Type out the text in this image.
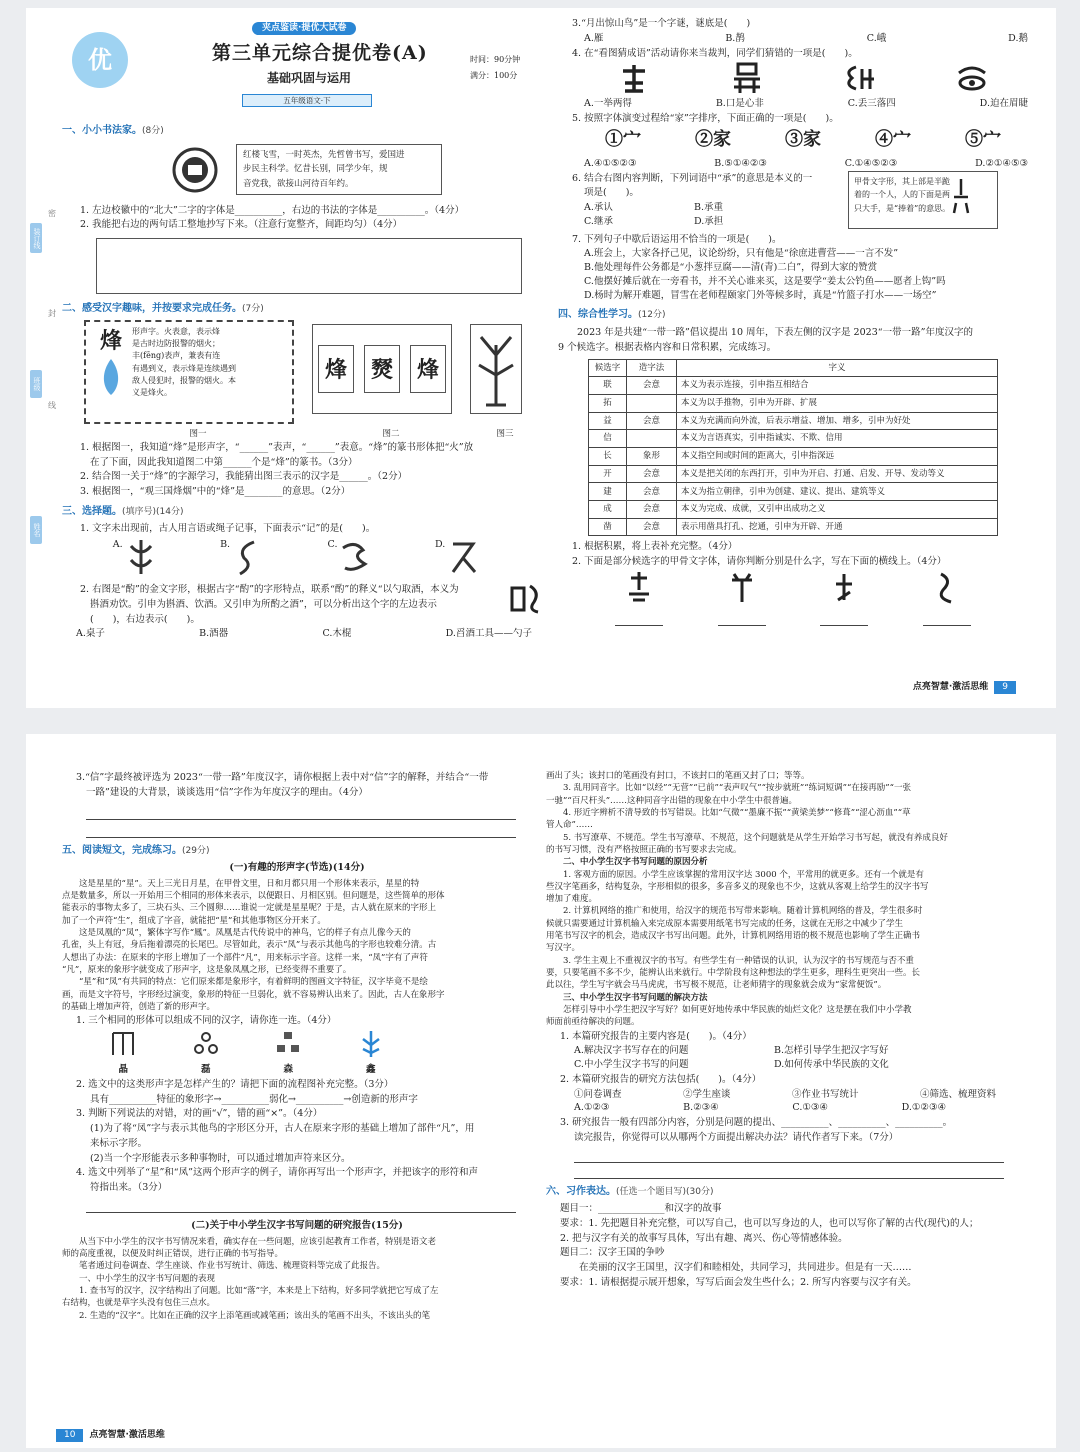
装订线
班级
姓名
密
封
线
优
夹点鉴读·提优大试卷
第三单元综合提优卷(A)
基础巩固与运用
时间：90分钟
满分：100分
五年级语文·下
一、小小书法家。(8分)
红楼飞雪，一时英杰，先哲曾书写，爱国进
步民主科学。忆昔长别，同学少年，规
音党我，欲接山河待百年约。
1. 左边校徽中的“北大”二字的字体是__________，右边的书法的字体是__________。（4分）
2. 我能把右边的两句话工整地抄写下来。（注意行宽整齐，间距均匀）（4分）
二、感受汉字趣味，并按要求完成任务。(7分)
烽	形声字。火表意，表示烽
是古时边防报警的烟火；
丰(fēng)表声，兼表有连
有遇到义，表示烽是连续遇到
敌人侵犯时，报警的烟火。本
义是烽火。
烽	燹	烽
图一	图二	图三
1. 根据图一，我知道“烽”是形声字，“______”表声，“______”表意。“烽”的篆书形体把“火”放
在了下面，因此我知道图二中第______个是“烽”的篆书。（3分）
2. 结合图一关于“烽”的字源学习，我能猜出图三表示的汉字是______。（2分）
3. 根据图一，“观三国烽烟”中的“烽”是________的意思。（2分）
三、选择题。(填序号)(14分)
1. 文字未出现前，古人用言语或绳子记事，下面表示“记”的是(　　)。
A.	B.	C.	D.
2. 右图是“酌”的金文字形，根据古字“酌”的字形特点，联系“酌”的释义“以勺取酒，本义为
斟酒劝饮。引申为斟酒、饮酒。又引申为所酌之酒”，可以分析出这个字的左边表示
(　　)，右边表示(　　)。
A.桌子	B.酒器	C.木棍	D.舀酒工具——勺子
3.“月出惊山鸟”是一个字谜，谜底是(　　)
A.雁	B.鹊	C.峨	D.鹅
4. 在“看图猜成语”活动请你来当裁判，同学们猜错的一项是(　　)。
A.一举两得	B.口是心非	C.丢三落四	D.迫在眉睫
5. 按照字体演变过程给“家”字排序，下面正确的一项是(　　)。
①宀	②家	③家	④宀	⑤宀
A.④①⑤②③	B.⑤①④②③	C.①④⑤②③	D.②①④⑤③
6. 结合右图内容判断，下列词语中“承”的意思是本义的一
项是(　　)。
A.承认	B.承重
C.继承	D.承担
甲骨文字形，其上部是半跪
着的一个人，人的下面是两
只大手，是“捧着”的意思。
7. 下列句子中歇后语运用不恰当的一项是(　　)。
A.班会上，大家各抒己见，议论纷纷，只有他是“徐庶进曹营——一言不发”
B.他处理每件公务都是“小葱拌豆腐——清(青)二白”，得到大家的赞赏
C.他摆好摊后就在一旁看书，并不关心谁来买，这是要学“姜太公钓鱼——愿者上钩”吗
D.杨时为解开难题，冒雪在老师程颐家门外等候多时，真是“竹篮子打水——一场空”
四、综合性学习。(12分)
2023 年是共建“一带一路”倡议提出 10 周年，下表左侧的汉字是 2023“一带一路”年度汉字的
9 个候选字。根据表格内容和日常积累，完成练习。
候选字	造字法	字义
联	会意	本义为表示连接，引申指互相结合
拓		本义为以手推物，引申为开辟、扩展
益	会意	本义为充满而向外流，后表示增益、增加、增多，引申为好处
信		本义为言语真实，引申指诚实、不欺、信用
长	象形	本义指空间或时间的距离大，引申指深远
开	会意	本义是把关闭的东西打开，引申为开启、打通、启发、开导、发动等义
建	会意	本义为指立朝律，引申为创建、建议、提出、建筑等义
成	会意	本义为完成、成就，又引申出成功之义
凿	会意	表示用凿具打孔、挖通，引申为开辟、开通
1. 根据积累，将上表补充完整。（4分）
2. 下面是部分候选字的甲骨文字体，请你判断分别是什么字，写在下面的横线上。（4分）
点亮智慧·激活思维 9
3.“信”字最终被评选为 2023“一带一路”年度汉字，请你根据上表中对“信”字的解释，并结合“一带
一路”建设的大背景，谈谈选用“信”字作为年度汉字的理由。（4分）
五、阅读短文，完成练习。(29分)
(一)有趣的形声字(节选)(14分)
这是星星的“星”。天上三光日月星，在甲骨文里，日和月都只用一个形体来表示，星星的特
点是数量多，所以一开始用三个相同的形体来表示，以便跟日、月相区别。但问题是，这些简单的形体
能表示的事物太多了，三块石头、三个圆卵……谁说一定就是星星呢？于是，古人就在原来的字形上
加了一个声符“生”，组成了字音，就能把“星”和其他事物区分开来了。
这是凤凰的“凤”，繁体字写作“鳳”。凤凰是古代传说中的神鸟，它的样子有点儿像今天的
孔雀，头上有冠，身后拖着漂亮的长尾巴。尽管如此，表示“凤”与表示其他鸟的字形也较难分清。古
人想出了办法：在原来的字形上增加了一个部件“凡”，用来标示字音。这样一来，“凤”字有了声符
“凡”，原来的象形字就变成了形声字，这是象凤凰之形，已经变得不重要了。
“星”和“凤”有共同的特点：它们原来都是象形字，有着鲜明的图画文字特征，汉字毕竟不是绘
画，而是文字符号，字形经过演变，象形的特征一旦弱化，就不容易辨认出来了。因此，古人在象形字
的基础上增加声符，创造了新的形声字。
1. 三个相同的形体可以组成不同的汉字，请你连一连。（4分）
晶	磊	森	鑫
2. 选文中的这类形声字是怎样产生的？请把下面的流程图补充完整。（3分）
具有__________特征的象形字→__________弱化→__________→创造新的形声字
3. 判断下列说法的对错，对的画“√”，错的画“×”。（4分）
(1)为了将“凤”字与表示其他鸟的字形区分开，古人在原来字形的基础上增加了部件“凡”，用
来标示字形。
(2)当一个字形能表示多种事物时，可以通过增加声符来区分。
4. 选文中列举了“星”和“凤”这两个形声字的例子，请你再写出一个形声字，并把该字的形符和声
符指出来。（3分）
(二)关于中小学生汉字书写问题的研究报告(15分)
从当下中小学生的汉字书写情况来看，确实存在一些问题，应该引起教育工作者，特别是语文老
师的高度重视，以便及时纠正错误，进行正确的书写指导。
笔者通过问卷调查、学生座谈、作业书写统计、筛选、梳理资料等完成了此报告。
一、中小学生的汉字书写问题的表现
1. 查书写的汉字，汉字结构出了问题。比如“落”字，本来是上下结构，好多同学就把它写成了左
右结构，也就是草字头没有包住三点水。
2. 生造的“汉字”。比如在正确的汉字上添笔画或减笔画；该出头的笔画不出头，不该出头的笔
画出了头；该封口的笔画没有封口，不该封口的笔画又封了口；等等。
3. 乱用同音字。比如“以经”“无营”“已前”“表声叹气”“按步就班”“练词短调”“在接再励”“一张
一驰”“百尺杆头”……这种同音字出错的现象在中小学生中很普遍。
4. 形近字辨析不清导致的书写错误。比如“气微”“墨廉不振”“黄梁美梦”“修葺”“涩心沥血”“草
管人命”……
5. 书写潦草、不规范。学生书写潦草、不规范，这个问题就是从学生开始学习书写起，就没有养成良好
的书写习惯，没有严格按照正确的书写要求去完成。
二、中小学生汉字书写问题的原因分析
1. 客观方面的原因。小学生应该掌握的常用汉字达 3000 个，平常用的就更多。还有一个就是有
些汉字笔画多，结构复杂，字形相似的很多，多音多义的现象也不少，这就从客观上给学生的汉字书写
增加了难度。
2. 计算机网络的推广和使用，给汉字的规范书写带来影响。随着计算机网络的普及，学生很多时
候就只需要通过计算机输入来完成原本需要用纸笔书写完成的任务，这就在无形之中减少了学生
用笔书写汉字的机会，造成汉字书写出问题。此外，计算机网络用语的极不规范也影响了学生正确书
写汉字。
3. 学生主观上不重视汉字的书写。有些学生有一种错误的认识，认为汉字的书写规范与否不重
要，只要笔画不多不少，能辨认出来就行。中学阶段有这种想法的学生更多，理科生更突出一些。长
此以往，学生写字就会马马虎虎，书写极不规范，让老师猜字的现象就会成为“家常便饭”。
三、中小学生汉字书写问题的解决方法
怎样引导中小学生把汉字写好？如何更好地传承中华民族的灿烂文化？这是摆在我们中小学教
师面前亟待解决的问题。
1. 本篇研究报告的主要内容是(　　)。（4分）
A.解决汉字书写存在的问题	B.怎样引导学生把汉字写好
C.中小学生汉字书写的问题	D.如何传承中华民族的文化
2. 本篇研究报告的研究方法包括(　　)。（4分）
①问卷调查	②学生座谈	③作业书写统计	④筛选、梳理资料
A.①②③	B.②③④	C.①③④	D.①②③④
3. 研究报告一般有四部分内容，分别是问题的提出、__________、__________、__________。
读完报告，你觉得可以从哪两个方面提出解决办法？请代作者写下来。（7分）
六、习作表达。(任选一个题目写)(30分)
题目一：______________和汉字的故事
要求：1. 先把题目补充完整，可以写自己，也可以写身边的人，也可以写你了解的古代(现代)的人；
2. 把与汉字有关的故事写具体，写出有趣、离兴、伤心等情感体验。
题目二：汉字王国的争吵
在美丽的汉字王国里，汉字们和睦相处，共同学习，共同进步。但是有一天……
要求：1. 请根据提示展开想象，写写后面会发生些什么；2. 所写内容要与汉字有关。
10 点亮智慧·激活思维
